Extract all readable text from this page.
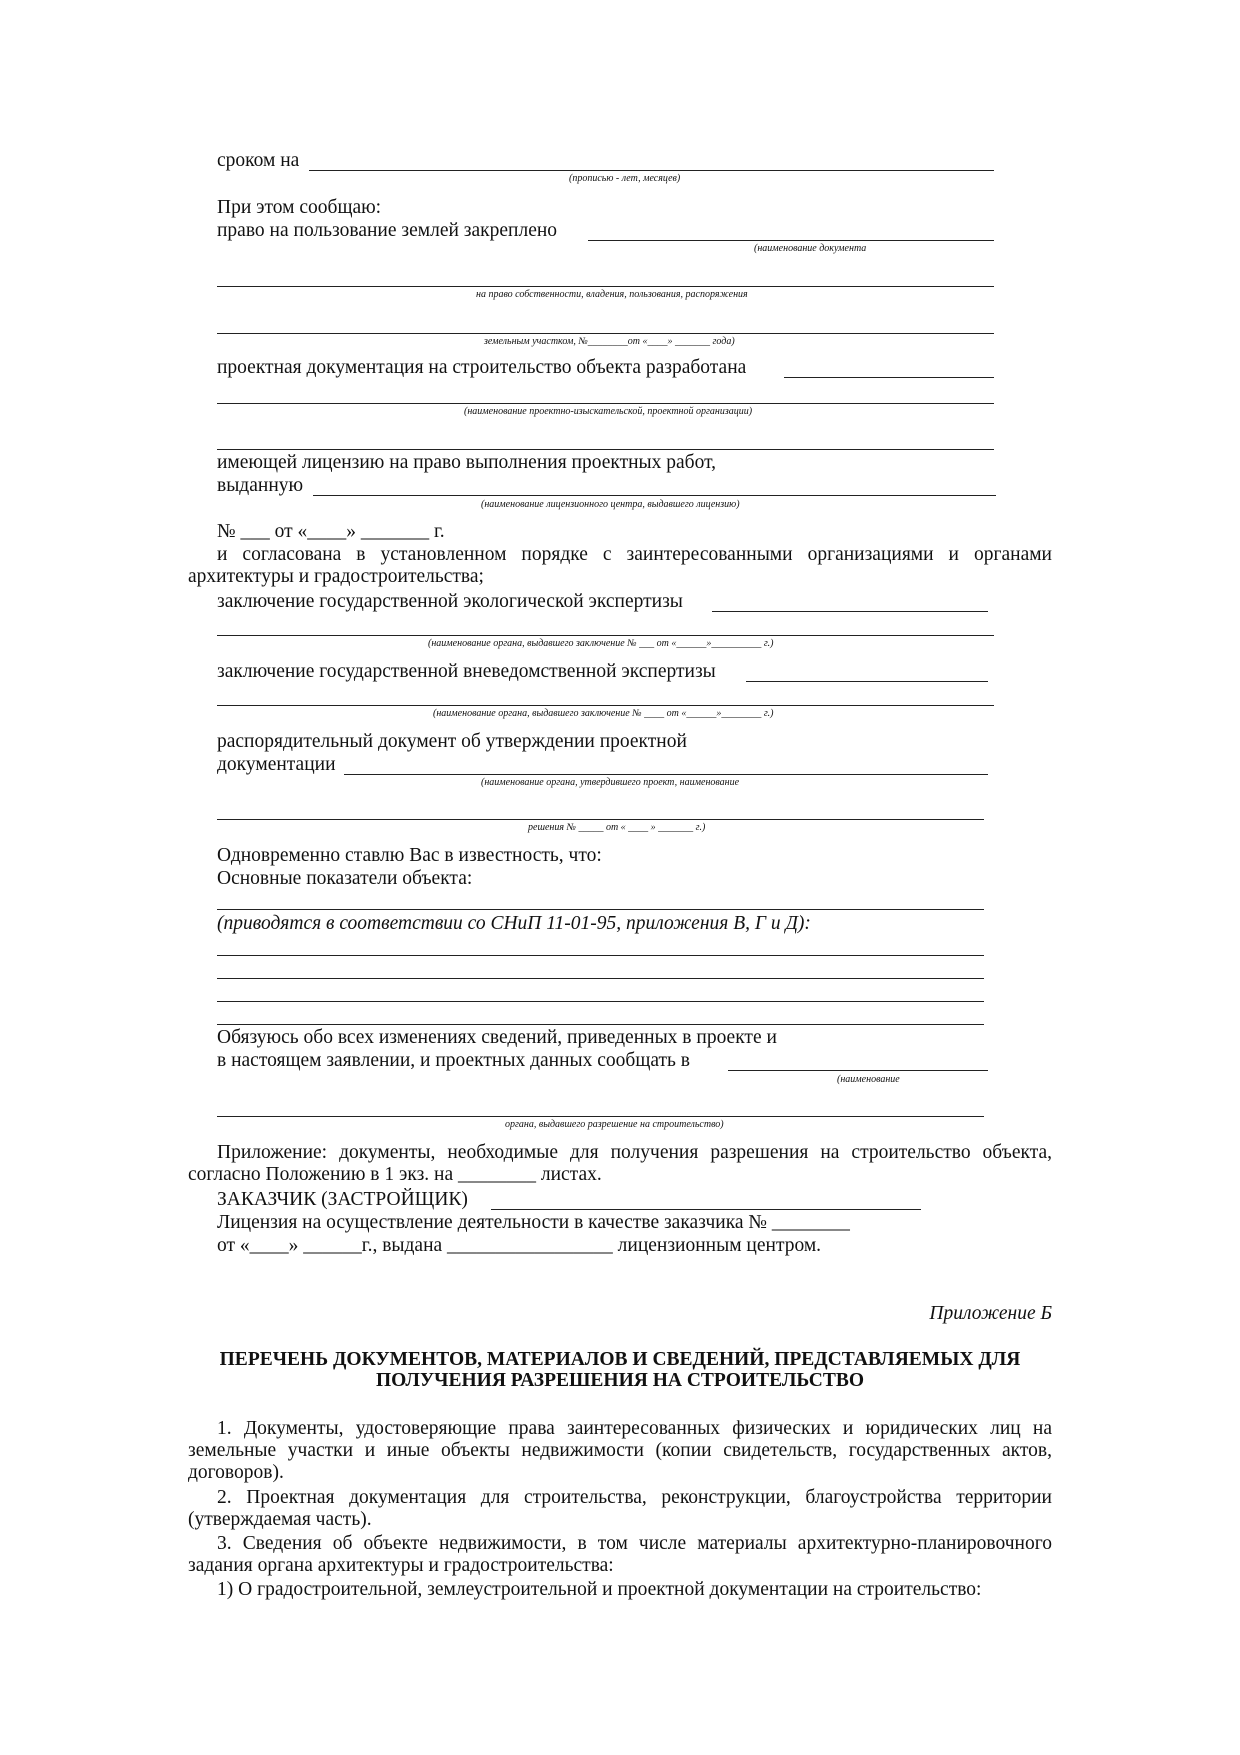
сроком на
(прописью - лет, месяцев)
При этом сообщаю:
право на пользование землей закреплено
(наименование документа
на право собственности, владения, пользования, распоряжения
земельным участком, №________от «____» _______ года)
проектная документация на строительство объекта разработана
(наименование проектно-изыскательской, проектной организации)
имеющей лицензию на право выполнения проектных работ,
выданную
(наименование лицензионного центра, выдавшего лицензию)
№ ___ от «____» _______ г.
и согласована в установленном порядке с заинтересованными организациями и органами архитектуры и градостроительства;
заключение государственной экологической экспертизы
(наименование органа, выдавшего заключение № ___ от «______»__________ г.)
заключение государственной вневедомственной экспертизы
(наименование органа, выдавшего заключение № ____ от «______»________ г.)
распорядительный документ об утверждении проектной
документации
(наименование органа, утвердившего проект, наименование
решения № _____ от « ____ » _______ г.)
Одновременно ставлю Вас в известность, что:
Основные показатели объекта:
(приводятся в соответствии со СНиП 11-01-95, приложения В, Г и Д):
Обязуюсь обо всех изменениях сведений, приведенных в проекте и
в настоящем заявлении, и проектных данных сообщать в
(наименование
органа, выдавшего разрешение на строительство)
Приложение: документы, необходимые для получения разрешения на строительство объекта, согласно Положению в 1 экз. на ________ листах.
ЗАКАЗЧИК (ЗАСТРОЙЩИК)
Лицензия на осуществление деятельности в качестве заказчика № ________
от «____» ______г., выдана _________________ лицензионным центром.
Приложение Б
ПЕРЕЧЕНЬ ДОКУМЕНТОВ, МАТЕРИАЛОВ И СВЕДЕНИЙ, ПРЕДСТАВЛЯЕМЫХ ДЛЯ ПОЛУЧЕНИЯ РАЗРЕШЕНИЯ НА СТРОИТЕЛЬСТВО
1. Документы, удостоверяющие права заинтересованных физических и юридических лиц на земельные участки и иные объекты недвижимости (копии свидетельств, государственных актов, договоров).
2. Проектная документация для строительства, реконструкции, благоустройства территории (утверждаемая часть).
3. Сведения об объекте недвижимости, в том числе материалы архитектурно-планировочного задания органа архитектуры и градостроительства:
1) О градостроительной, землеустроительной и проектной документации на строительство:
